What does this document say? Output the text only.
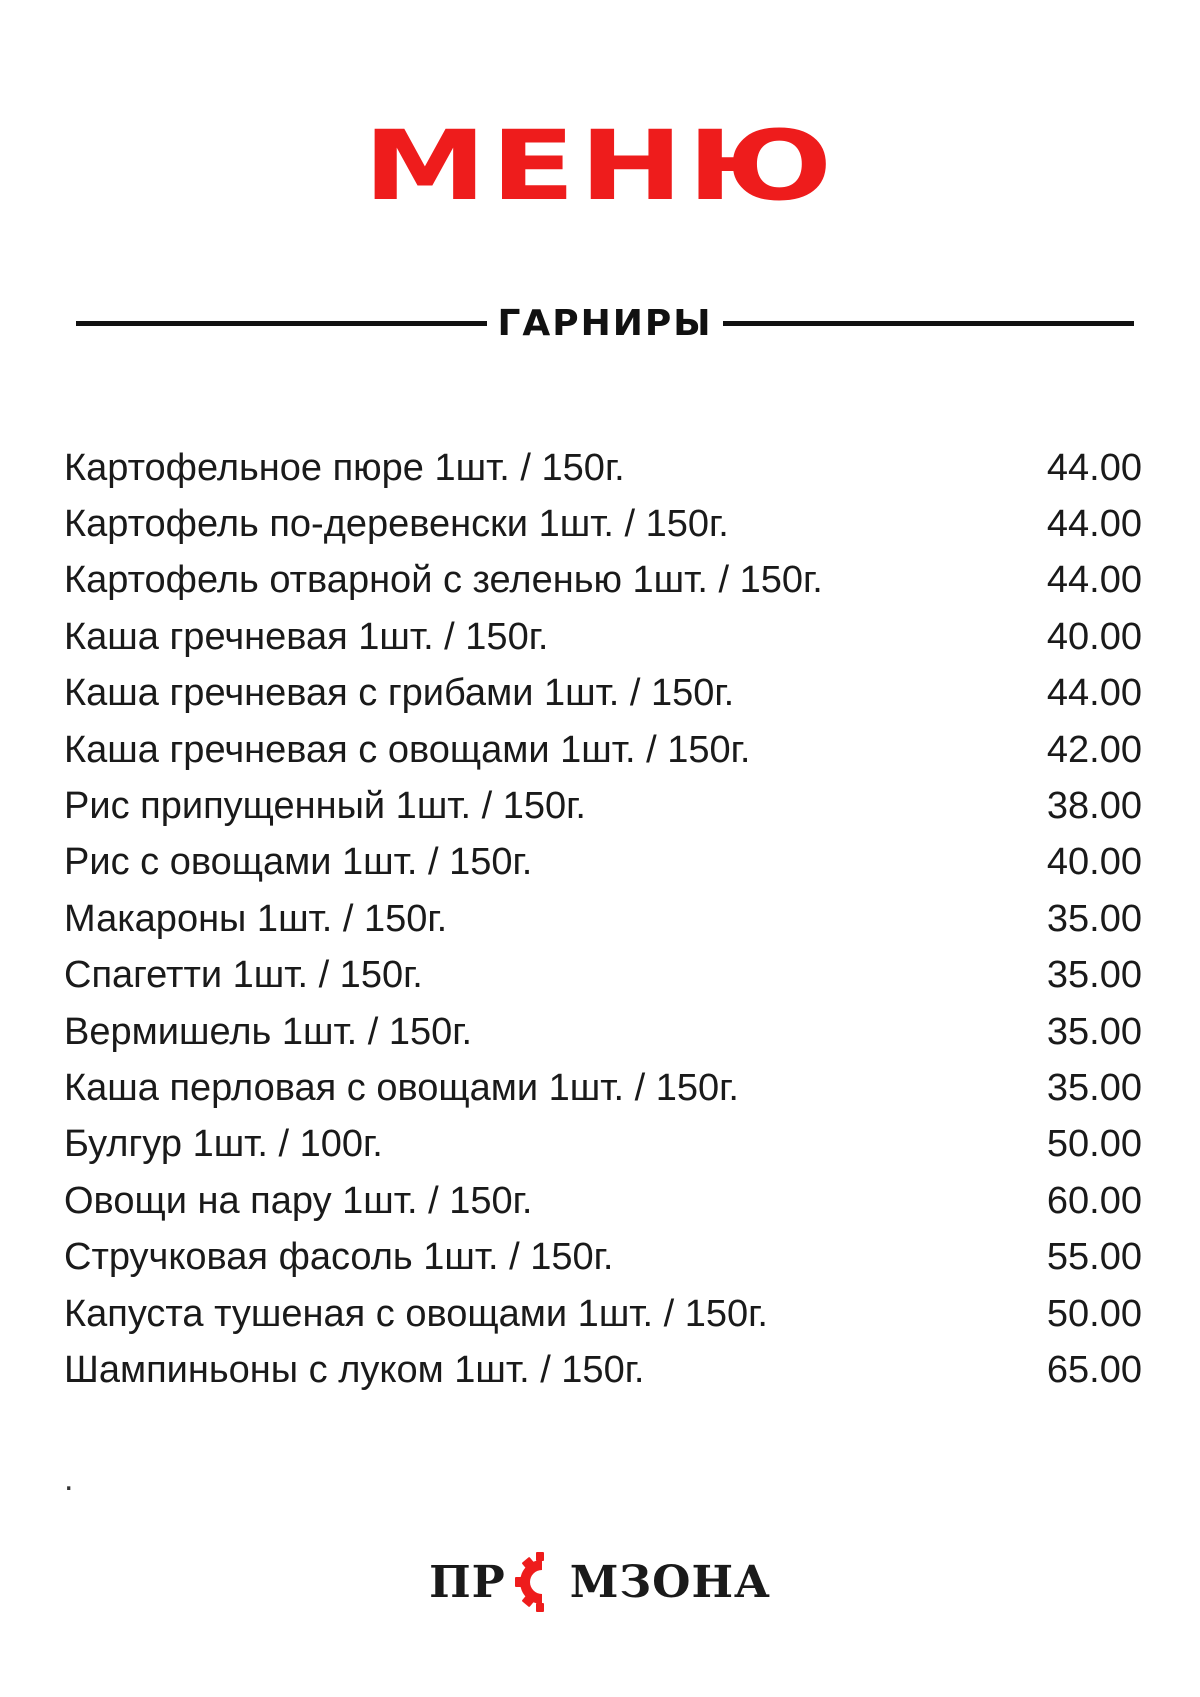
МЕНЮ
ГАРНИРЫ
Картофельное пюре 1шт. / 150г.	44.00
Картофель по-деревенски 1шт. / 150г.	44.00
Картофель отварной с зеленью 1шт. / 150г.	44.00
Каша гречневая 1шт. / 150г.	40.00
Каша гречневая с грибами 1шт. / 150г.	44.00
Каша гречневая с овощами 1шт. / 150г.	42.00
Рис припущенный 1шт. / 150г.	38.00
Рис с овощами 1шт. / 150г.	40.00
Макароны 1шт. / 150г.	35.00
Спагетти 1шт. / 150г.	35.00
Вермишель 1шт. / 150г.	35.00
Каша перловая с овощами 1шт. / 150г.	35.00
Булгур 1шт. / 100г.	50.00
Овощи на пару 1шт. / 150г.	60.00
Стручковая фасоль 1шт. / 150г.	55.00
Капуста тушеная с овощами 1шт. / 150г.	50.00
Шампиньоны с луком 1шт. / 150г.	65.00
.
ПР МЗОНА
